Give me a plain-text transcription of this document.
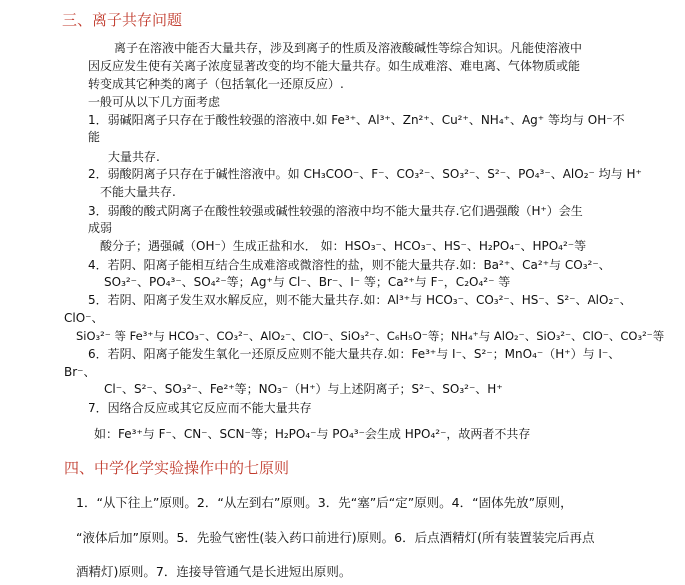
三、离子共存问题
离子在溶液中能否大量共存，涉及到离子的性质及溶液酸碱性等综合知识。凡能使溶液中
因反应发生使有关离子浓度显著改变的均不能大量共存。如生成难溶、难电离、气体物质或能
转变成其它种类的离子（包括氧化一还原反应）.
一般可从以下几方面考虑
1．弱碱阳离子只存在于酸性较强的溶液中.如 Fe³⁺、Al³⁺、Zn²⁺、Cu²⁺、NH₄⁺、Ag⁺ 等均与 OH⁻不
能
大量共存.
2．弱酸阴离子只存在于碱性溶液中。如 CH₃COO⁻、F⁻、CO₃²⁻、SO₃²⁻、S²⁻、PO₄³⁻、AlO₂⁻ 均与 H⁺
不能大量共存.
3．弱酸的酸式阴离子在酸性较强或碱性较强的溶液中均不能大量共存.它们遇强酸（H⁺）会生
成弱
酸分子；遇强碱（OH⁻）生成正盐和水． 如：HSO₃⁻、HCO₃⁻、HS⁻、H₂PO₄⁻、HPO₄²⁻等
4．若阴、阳离子能相互结合生成难溶或微溶性的盐，则不能大量共存.如：Ba²⁺、Ca²⁺与 CO₃²⁻、
SO₃²⁻、PO₄³⁻、SO₄²⁻等；Ag⁺与 Cl⁻、Br⁻、I⁻ 等；Ca²⁺与 F⁻，C₂O₄²⁻ 等
5．若阴、阳离子发生双水解反应，则不能大量共存.如：Al³⁺与 HCO₃⁻、CO₃²⁻、HS⁻、S²⁻、AlO₂⁻、
ClO⁻、
SiO₃²⁻ 等 Fe³⁺与 HCO₃⁻、CO₃²⁻、AlO₂⁻、ClO⁻、SiO₃²⁻、C₆H₅O⁻等；NH₄⁺与 AlO₂⁻、SiO₃²⁻、ClO⁻、CO₃²⁻等
6．若阴、阳离子能发生氧化一还原反应则不能大量共存.如：Fe³⁺与 I⁻、S²⁻；MnO₄⁻（H⁺）与 I⁻、
Br⁻、
Cl⁻、S²⁻、SO₃²⁻、Fe²⁺等；NO₃⁻（H⁺）与上述阴离子；S²⁻、SO₃²⁻、H⁺
7．因络合反应或其它反应而不能大量共存
如：Fe³⁺与 F⁻、CN⁻、SCN⁻等；H₂PO₄⁻与 PO₄³⁻会生成 HPO₄²⁻，故两者不共存
四、中学化学实验操作中的七原则
1．“从下往上”原则。2．“从左到右”原则。3．先“塞”后“定”原则。4．“固体先放”原则，
“液体后加”原则。5．先验气密性(装入药口前进行)原则。6．后点酒精灯(所有装置装完后再点
酒精灯)原则。7．连接导管通气是长进短出原则。
